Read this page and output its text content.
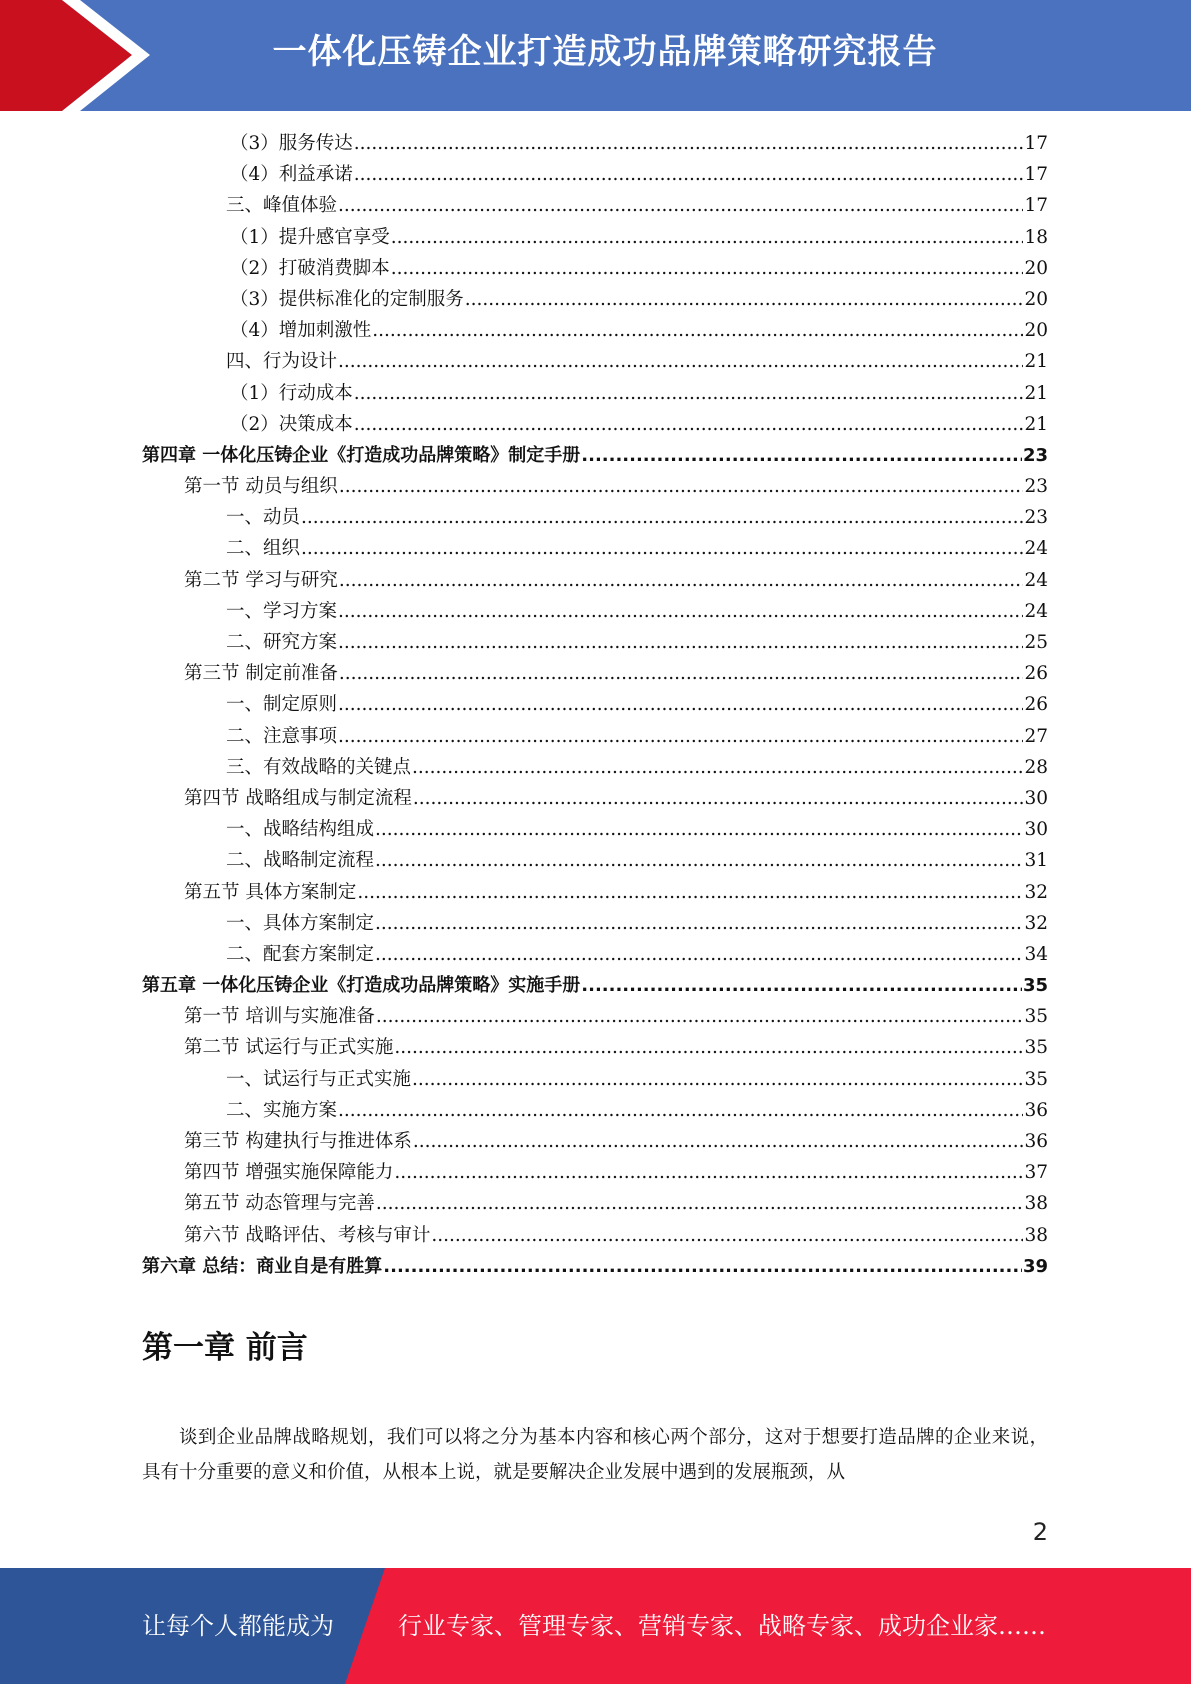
一体化压铸企业打造成功品牌策略研究报告
（3）服务传达 .....	17
（4）利益承诺 .....	17
三、峰值体验 .....	17
（1）提升感官享受 .....	18
（2）打破消费脚本 .....	20
（3）提供标准化的定制服务 .....	20
（4）增加刺激性 .....	20
四、行为设计 .....	21
（1）行动成本 .....	21
（2）决策成本 .....	21
第四章 一体化压铸企业《打造成功品牌策略》制定手册 .....	23
第一节 动员与组织 .....	23
一、动员 .....	23
二、组织 .....	24
第二节 学习与研究 .....	24
一、学习方案 .....	24
二、研究方案 .....	25
第三节 制定前准备 .....	26
一、制定原则 .....	26
二、注意事项 .....	27
三、有效战略的关键点 .....	28
第四节 战略组成与制定流程 .....	30
一、战略结构组成 .....	30
二、战略制定流程 .....	31
第五节 具体方案制定 .....	32
一、具体方案制定 .....	32
二、配套方案制定 .....	34
第五章 一体化压铸企业《打造成功品牌策略》实施手册 .....	35
第一节 培训与实施准备 .....	35
第二节 试运行与正式实施 .....	35
一、试运行与正式实施 .....	35
二、实施方案 .....	36
第三节 构建执行与推进体系 .....	36
第四节 增强实施保障能力 .....	37
第五节 动态管理与完善 .....	38
第六节 战略评估、考核与审计 .....	38
第六章 总结：商业自是有胜算 .....	39
第一章 前言
谈到企业品牌战略规划，我们可以将之分为基本内容和核心两个部分，这对于想要打造品牌的企业来说，具有十分重要的意义和价值，从根本上说，就是要解决企业发展中遇到的发展瓶颈，从
2
让每个人都能成为	行业专家、管理专家、营销专家、战略专家、成功企业家……
